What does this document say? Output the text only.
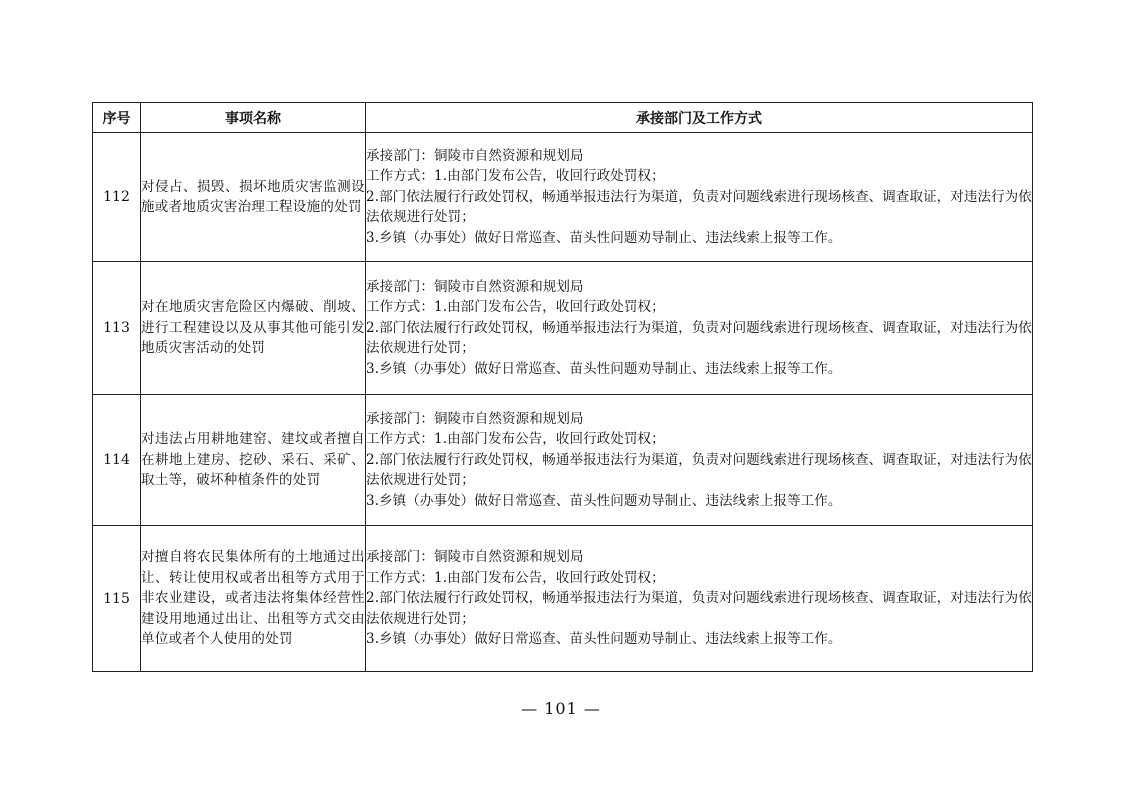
序号	事项名称	承接部门及工作方式
112	对侵占、损毁、损坏地质灾害监测设施或者地质灾害治理工程设施的处罚	承接部门：铜陵市自然资源和规划局
工作方式：1.由部门发布公告，收回行政处罚权；
2.部门依法履行行政处罚权，畅通举报违法行为渠道，负责对问题线索进行现场核查、调查取证，对违法行为依法依规进行处罚；
3.乡镇（办事处）做好日常巡查、苗头性问题劝导制止、违法线索上报等工作。

113	对在地质灾害危险区内爆破、削坡、进行工程建设以及从事其他可能引发地质灾害活动的处罚	承接部门：铜陵市自然资源和规划局
工作方式：1.由部门发布公告，收回行政处罚权；
2.部门依法履行行政处罚权，畅通举报违法行为渠道，负责对问题线索进行现场核查、调查取证，对违法行为依法依规进行处罚；
3.乡镇（办事处）做好日常巡查、苗头性问题劝导制止、违法线索上报等工作。

114	对违法占用耕地建窑、建坟或者擅自在耕地上建房、挖砂、采石、采矿、取土等，破坏种植条件的处罚	承接部门：铜陵市自然资源和规划局
工作方式：1.由部门发布公告，收回行政处罚权；
2.部门依法履行行政处罚权，畅通举报违法行为渠道，负责对问题线索进行现场核查、调查取证，对违法行为依法依规进行处罚；
3.乡镇（办事处）做好日常巡查、苗头性问题劝导制止、违法线索上报等工作。

115	对擅自将农民集体所有的土地通过出让、转让使用权或者出租等方式用于非农业建设，或者违法将集体经营性建设用地通过出让、出租等方式交由单位或者个人使用的处罚	承接部门：铜陵市自然资源和规划局
工作方式：1.由部门发布公告，收回行政处罚权；
2.部门依法履行行政处罚权，畅通举报违法行为渠道，负责对问题线索进行现场核查、调查取证，对违法行为依法依规进行处罚；
3.乡镇（办事处）做好日常巡查、苗头性问题劝导制止、违法线索上报等工作。
— 101 —
